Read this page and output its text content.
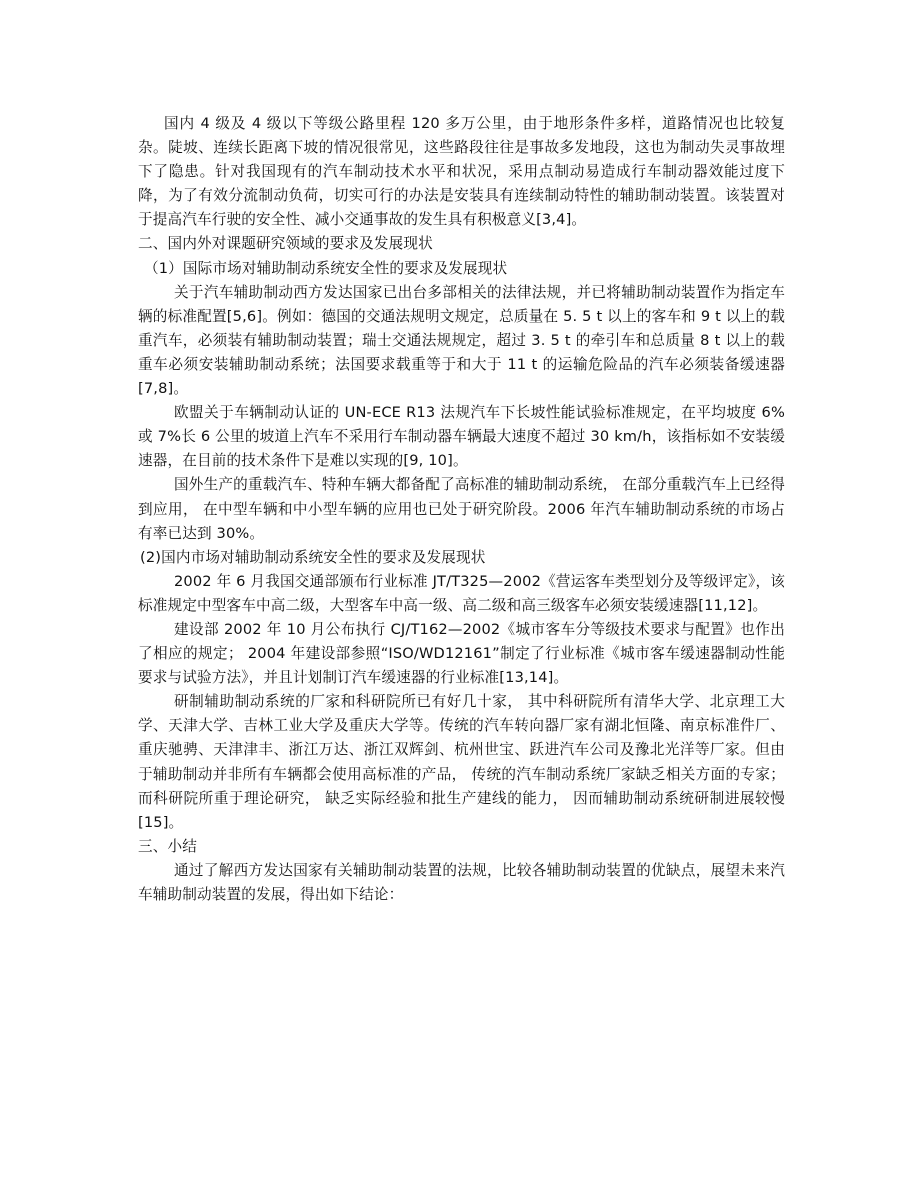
国内 4 级及 4 级以下等级公路里程 120 多万公里，由于地形条件多样，道路情况也比较复杂。陡坡、连续长距离下坡的情况很常见，这些路段往往是事故多发地段，这也为制动失灵事故埋下了隐患。针对我国现有的汽车制动技术水平和状况，采用点制动易造成行车制动器效能过度下降，为了有效分流制动负荷，切实可行的办法是安装具有连续制动特性的辅助制动装置。该装置对于提高汽车行驶的安全性、减小交通事故的发生具有积极意义[3,4]。

二、国内外对课题研究领域的要求及发展现状

（1）国际市场对辅助制动系统安全性的要求及发展现状

关于汽车辅助制动西方发达国家已出台多部相关的法律法规，并已将辅助制动装置作为指定车辆的标准配置[5,6]。例如：德国的交通法规明文规定，总质量在 5. 5 t 以上的客车和 9 t 以上的载重汽车，必须装有辅助制动装置；瑞士交通法规规定，超过 3. 5 t 的牵引车和总质量 8 t 以上的载重车必须安装辅助制动系统；法国要求载重等于和大于 11 t 的运输危险品的汽车必须装备缓速器[7,8]。

欧盟关于车辆制动认证的 UN-ECE R13 法规汽车下长坡性能试验标准规定，在平均坡度 6%或 7%长 6 公里的坡道上汽车不采用行车制动器车辆最大速度不超过 30 km/h，该指标如不安装缓速器，在目前的技术条件下是难以实现的[9, 10]。

国外生产的重载汽车、特种车辆大都备配了高标准的辅助制动系统， 在部分重载汽车上已经得到应用， 在中型车辆和中小型车辆的应用也已处于研究阶段。2006 年汽车辅助制动系统的市场占有率已达到 30%。

(2)国内市场对辅助制动系统安全性的要求及发展现状

2002 年 6 月我国交通部颁布行业标准 JT/T325—2002《营运客车类型划分及等级评定》，该标准规定中型客车中高二级，大型客车中高一级、高二级和高三级客车必须安装缓速器[11,12]。

建设部 2002 年 10 月公布执行 CJ/T162—2002《城市客车分等级技术要求与配置》也作出了相应的规定； 2004 年建设部参照“ISO/WD12161”制定了行业标准《城市客车缓速器制动性能要求与试验方法》，并且计划制订汽车缓速器的行业标准[13,14]。

研制辅助制动系统的厂家和科研院所已有好几十家， 其中科研院所有清华大学、北京理工大学、天津大学、吉林工业大学及重庆大学等。传统的汽车转向器厂家有湖北恒隆、南京标准件厂、重庆驰骋、天津津丰、浙江万达、浙江双辉剑、杭州世宝、跃进汽车公司及豫北光洋等厂家。但由于辅助制动并非所有车辆都会使用高标准的产品， 传统的汽车制动系统厂家缺乏相关方面的专家；而科研院所重于理论研究， 缺乏实际经验和批生产建线的能力， 因而辅助制动系统研制进展较慢[15]。

三、小结

通过了解西方发达国家有关辅助制动装置的法规，比较各辅助制动装置的优缺点，展望未来汽车辅助制动装置的发展，得出如下结论：
